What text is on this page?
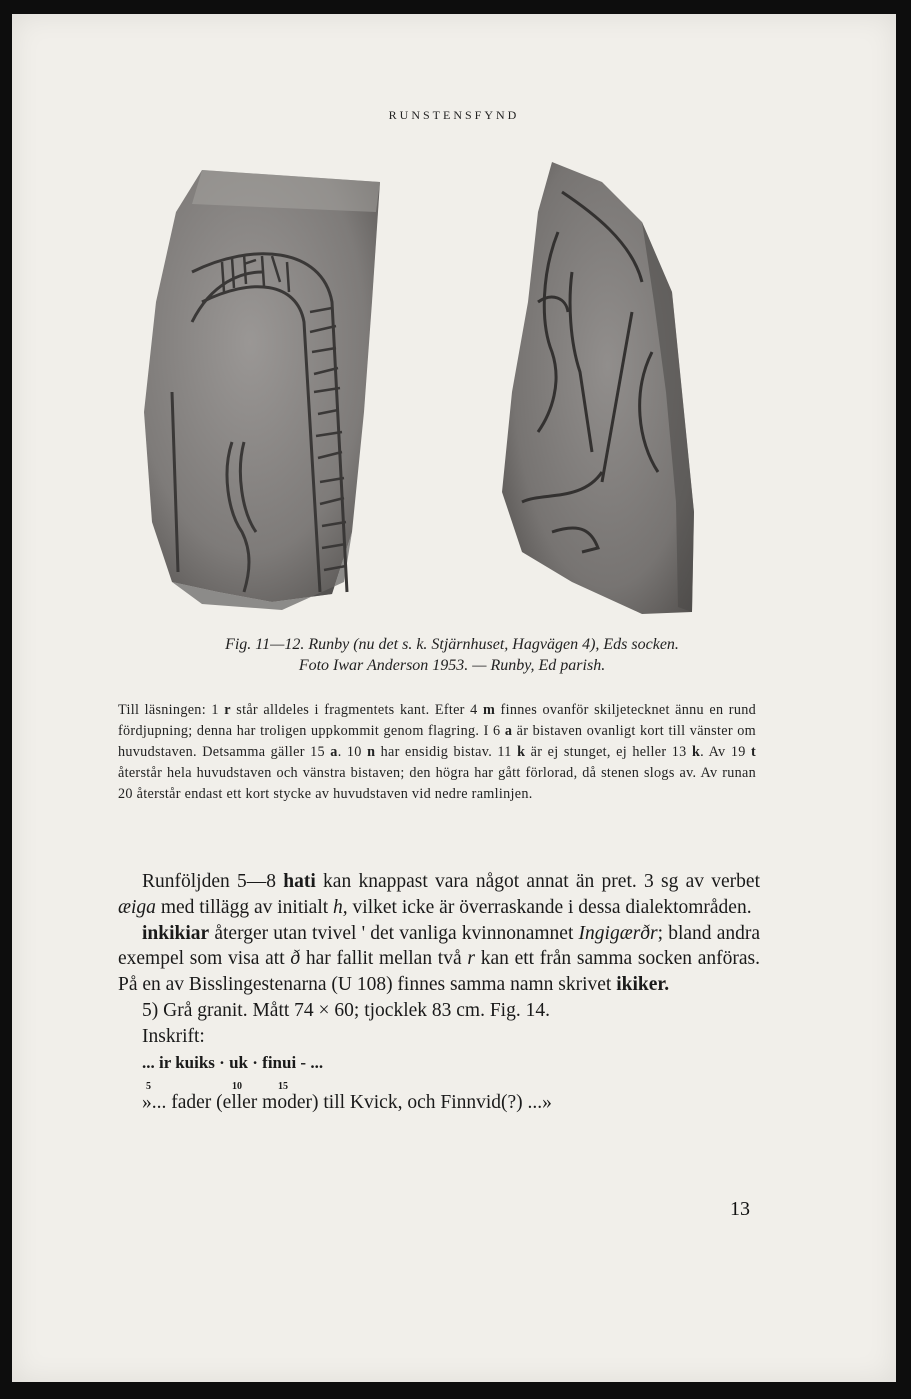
RUNSTENSFYND
Fig. 11—12. Runby (nu det s. k. Stjärnhuset, Hagvägen 4), Eds socken.
Foto Iwar Anderson 1953. — Runby, Ed parish.

Till läsningen: 1 r står alldeles i fragmentets kant. Efter 4 m finnes ovanför skiljetecknet ännu en rund fördjupning; denna har troligen uppkommit genom flagring. I 6 a är bistaven ovanligt kort till vänster om huvudstaven. Detsamma gäller 15 a. 10 n har ensidig bistav. 11 k är ej stunget, ej heller 13 k. Av 19 t återstår hela huvudstaven och vänstra bistaven; den högra har gått förlorad, då stenen slogs av. Av runan 20 återstår endast ett kort stycke av huvudstaven vid nedre ramlinjen.

Runföljden 5—8 hati kan knappast vara något annat än pret. 3 sg av verbet æiga med tillägg av initialt h, vilket icke är överraskande i dessa dialektområden.

inkikiar återger utan tvivel ' det vanliga kvinnonamnet Ingigærðr; bland andra exempel som visa att ð har fallit mellan två r kan ett från samma socken anföras. På en av Bisslingestenarna (U 108) finnes samma namn skrivet ikiker.

5) Grå granit. Mått 74 × 60; tjocklek 83 cm. Fig. 14.

Inskrift:

... ir kuiks · uk · finui - ...
5	10	15

»... fader (eller moder) till Kvick, och Finnvid(?) ...»

13
